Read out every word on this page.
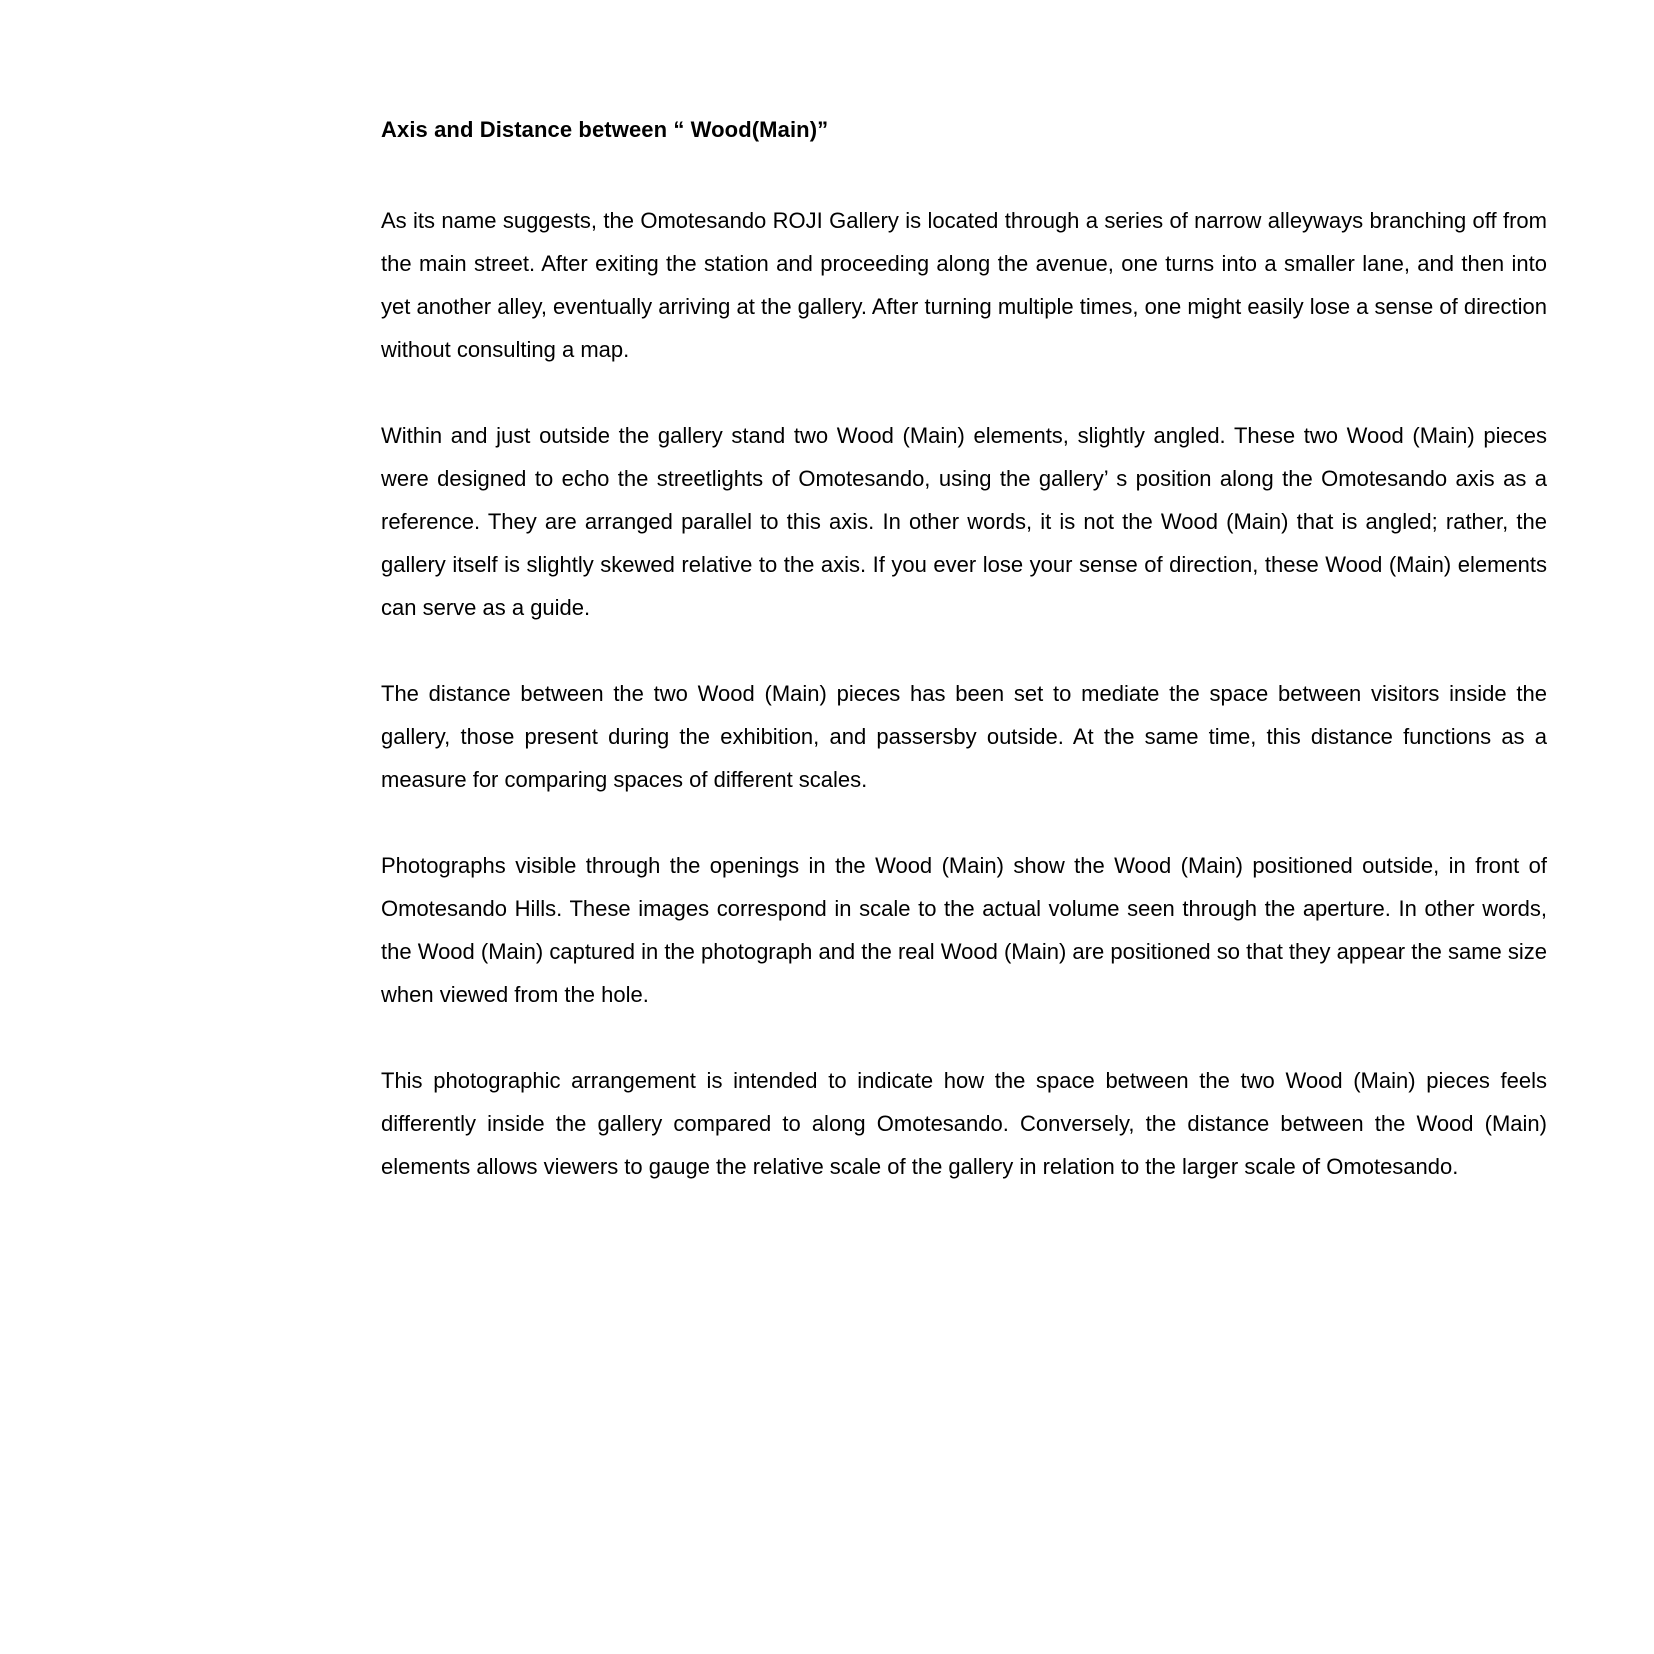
Axis and Distance between “ Wood(Main)”

As its name suggests, the Omotesando ROJI Gallery is located through a series of narrow alleyways branching off from the main street. After exiting the station and proceeding along the avenue, one turns into a smaller lane, and then into yet another alley, eventually arriving at the gallery. After turning multiple times, one might easily lose a sense of direction without consulting a map.

Within and just outside the gallery stand two Wood (Main) elements, slightly angled. These two Wood (Main) pieces were designed to echo the streetlights of Omotesando, using the gallery’ s position along the Omotesando axis as a reference. They are arranged parallel to this axis. In other words, it is not the Wood (Main) that is angled; rather, the gallery itself is slightly skewed relative to the axis. If you ever lose your sense of direction, these Wood (Main) elements can serve as a guide.

The distance between the two Wood (Main) pieces has been set to mediate the space between visitors inside the gallery, those present during the exhibition, and passersby outside. At the same time, this distance functions as a measure for comparing spaces of different scales.

Photographs visible through the openings in the Wood (Main) show the Wood (Main) positioned outside, in front of Omotesando Hills. These images correspond in scale to the actual volume seen through the aperture. In other words, the Wood (Main) captured in the photograph and the real Wood (Main) are positioned so that they appear the same size when viewed from the hole.

This photographic arrangement is intended to indicate how the space between the two Wood (Main) pieces feels differently inside the gallery compared to along Omotesando. Conversely, the distance between the Wood (Main) elements allows viewers to gauge the relative scale of the gallery in relation to the larger scale of Omotesando.
